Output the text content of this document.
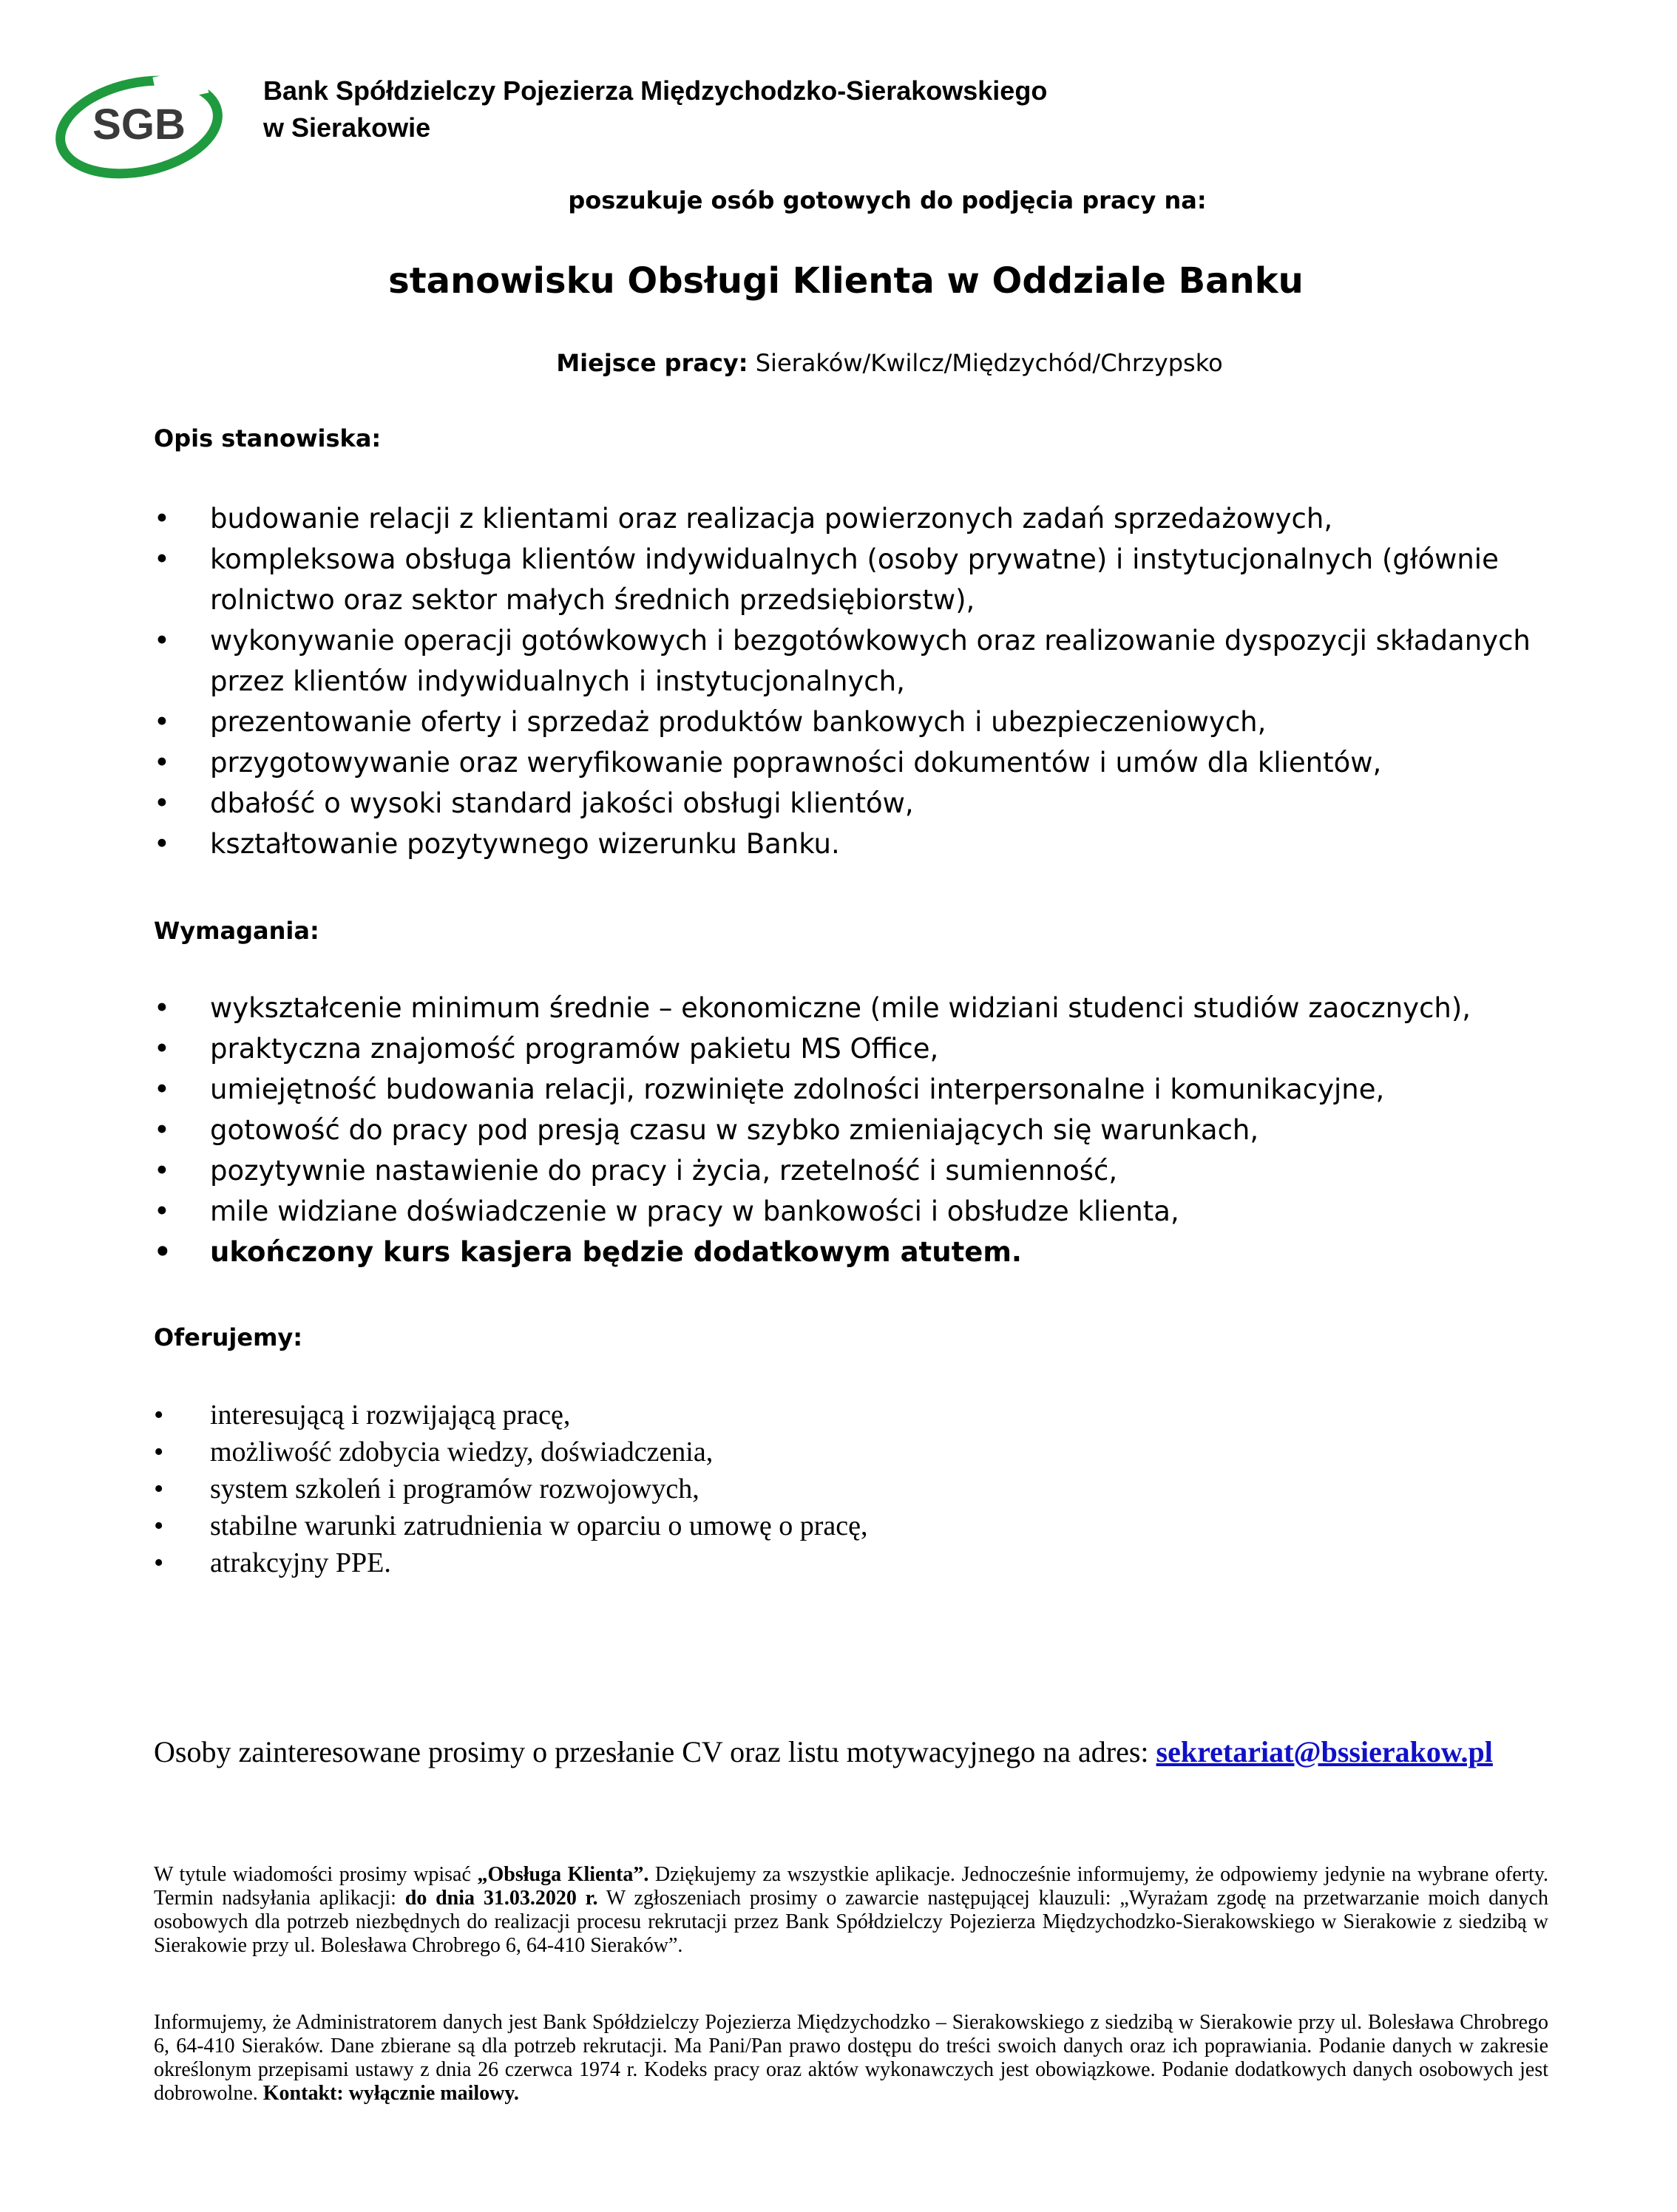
SGB
Bank Spółdzielczy Pojezierza Międzychodzko-Sierakowskiego
w Sierakowie
poszukuje osób gotowych do podjęcia pracy na:
stanowisku Obsługi Klienta w Oddziale Banku
Miejsce pracy: Sieraków/Kwilcz/Międzychód/Chrzypsko
Opis stanowiska:
• budowanie relacji z klientami oraz realizacja powierzonych zadań sprzedażowych,
• kompleksowa obsługa klientów indywidualnych (osoby prywatne) i instytucjonalnych (głównie rolnictwo oraz sektor małych średnich przedsiębiorstw),
• wykonywanie operacji gotówkowych i bezgotówkowych oraz realizowanie dyspozycji składanych przez klientów indywidualnych i instytucjonalnych,
• prezentowanie oferty i sprzedaż produktów bankowych i ubezpieczeniowych,
• przygotowywanie oraz weryfikowanie poprawności dokumentów i umów dla klientów,
• dbałość o wysoki standard jakości obsługi klientów,
• kształtowanie pozytywnego wizerunku Banku.
Wymagania:
• wykształcenie minimum średnie – ekonomiczne (mile widziani studenci studiów zaocznych),
• praktyczna znajomość programów pakietu MS Office,
• umiejętność budowania relacji, rozwinięte zdolności interpersonalne i komunikacyjne,
• gotowość do pracy pod presją czasu w szybko zmieniających się warunkach,
• pozytywnie nastawienie do pracy i życia, rzetelność i sumienność,
• mile widziane doświadczenie w pracy w bankowości i obsłudze klienta,
• ukończony kurs kasjera będzie dodatkowym atutem.
Oferujemy:
• interesującą i rozwijającą pracę,
• możliwość zdobycia wiedzy, doświadczenia,
• system szkoleń i programów rozwojowych,
• stabilne warunki zatrudnienia w oparciu o umowę o pracę,
• atrakcyjny PPE.
Osoby zainteresowane prosimy o przesłanie CV oraz listu motywacyjnego na adres: sekretariat@bssierakow.pl
W tytule wiadomości prosimy wpisać „Obsługa Klienta”. Dziękujemy za wszystkie aplikacje. Jednocześnie informujemy, że odpowiemy jedynie na wybrane oferty. Termin nadsyłania aplikacji: do dnia 31.03.2020 r. W zgłoszeniach prosimy o zawarcie następującej klauzuli: „Wyrażam zgodę na przetwarzanie moich danych osobowych dla potrzeb niezbędnych do realizacji procesu rekrutacji przez Bank Spółdzielczy Pojezierza Międzychodzko-Sierakowskiego w Sierakowie z siedzibą w Sierakowie przy ul. Bolesława Chrobrego 6, 64-410 Sieraków”.
Informujemy, że Administratorem danych jest Bank Spółdzielczy Pojezierza Międzychodzko – Sierakowskiego z siedzibą w Sierakowie przy ul. Bolesława Chrobrego 6, 64-410 Sieraków. Dane zbierane są dla potrzeb rekrutacji. Ma Pani/Pan prawo dostępu do treści swoich danych oraz ich poprawiania. Podanie danych w zakresie określonym przepisami ustawy z dnia 26 czerwca 1974 r. Kodeks pracy oraz aktów wykonawczych jest obowiązkowe. Podanie dodatkowych danych osobowych jest dobrowolne. Kontakt: wyłącznie mailowy.
